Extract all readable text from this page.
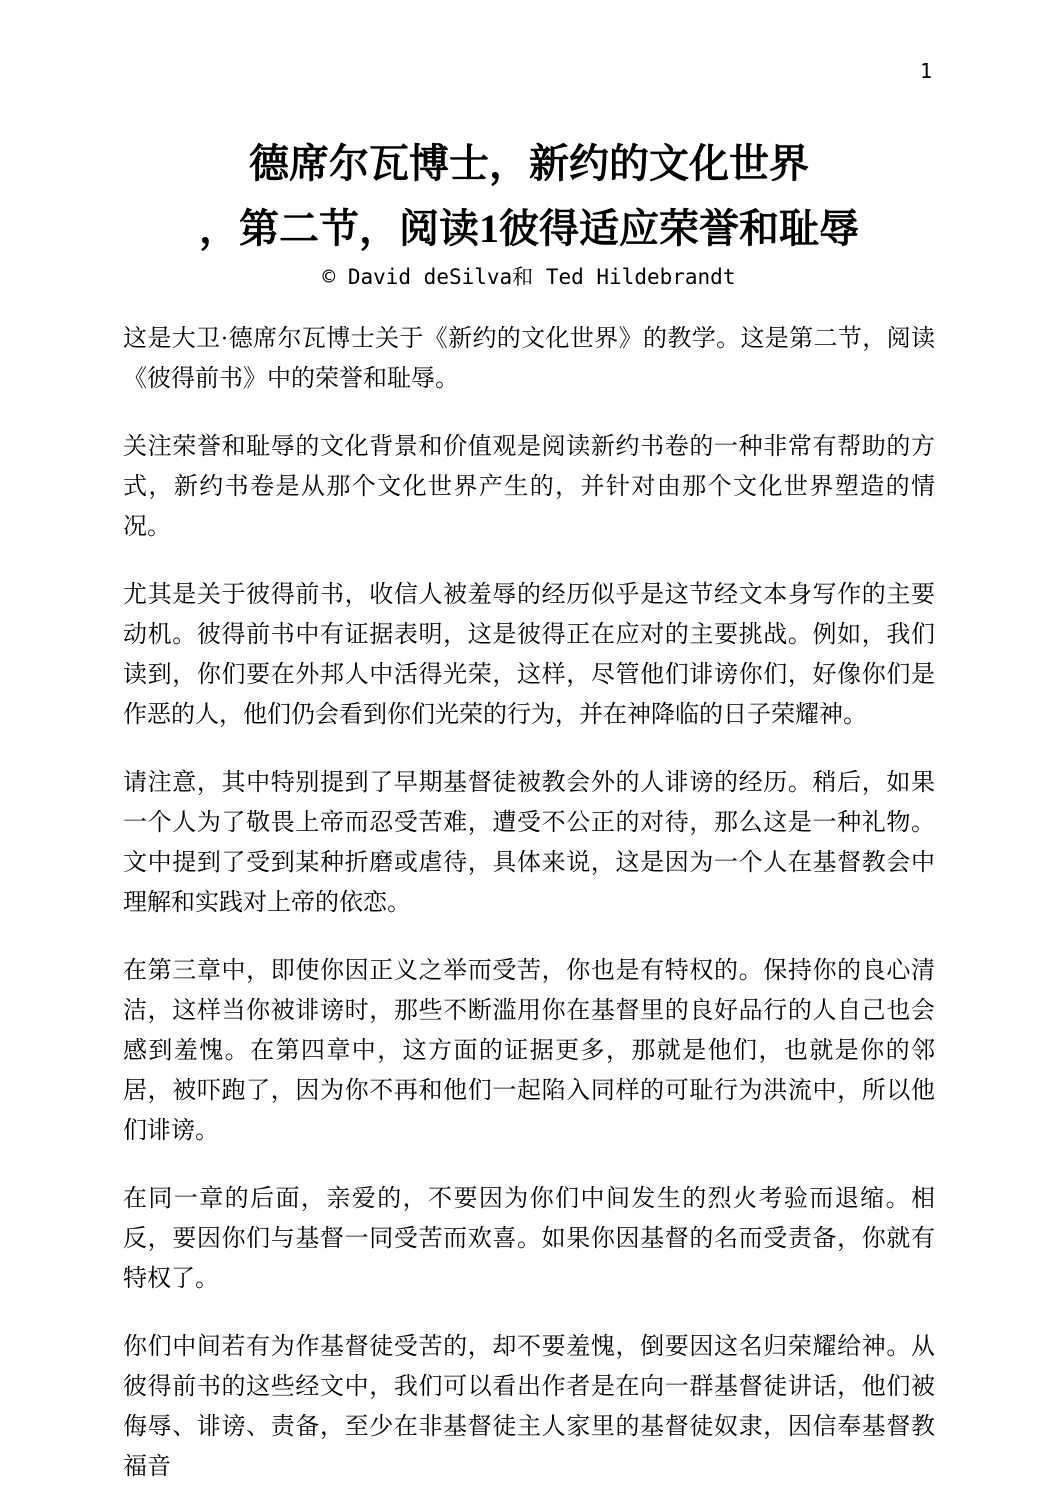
1
德席尔瓦博士，新约的文化世界
，第二节，阅读1彼得适应荣誉和耻辱
© David deSilva和 Ted Hildebrandt

这是大卫·德席尔瓦博士关于《新约的文化世界》的教学。这是第二节，阅读《彼得前书》中的荣誉和耻辱。

关注荣誉和耻辱的文化背景和价值观是阅读新约书卷的一种非常有帮助的方式，新约书卷是从那个文化世界产生的，并针对由那个文化世界塑造的情况。

尤其是关于彼得前书，收信人被羞辱的经历似乎是这节经文本身写作的主要动机。彼得前书中有证据表明，这是彼得正在应对的主要挑战。例如，我们读到，你们要在外邦人中活得光荣，这样，尽管他们诽谤你们，好像你们是作恶的人，他们仍会看到你们光荣的行为，并在神降临的日子荣耀神。

请注意，其中特别提到了早期基督徒被教会外的人诽谤的经历。稍后，如果一个人为了敬畏上帝而忍受苦难，遭受不公正的对待，那么这是一种礼物。文中提到了受到某种折磨或虐待，具体来说，这是因为一个人在基督教会中理解和实践对上帝的依恋。

在第三章中，即使你因正义之举而受苦，你也是有特权的。保持你的良心清洁，这样当你被诽谤时，那些不断滥用你在基督里的良好品行的人自己也会感到羞愧。在第四章中，这方面的证据更多，那就是他们，也就是你的邻居，被吓跑了，因为你不再和他们一起陷入同样的可耻行为洪流中，所以他们诽谤。

在同一章的后面，亲爱的，不要因为你们中间发生的烈火考验而退缩。相反，要因你们与基督一同受苦而欢喜。如果你因基督的名而受责备，你就有特权了。

你们中间若有为作基督徒受苦的，却不要羞愧，倒要因这名归荣耀给神。从彼得前书的这些经文中，我们可以看出作者是在向一群基督徒讲话，他们被侮辱、诽谤、责备，至少在非基督徒主人家里的基督徒奴隶，因信奉基督教福音
